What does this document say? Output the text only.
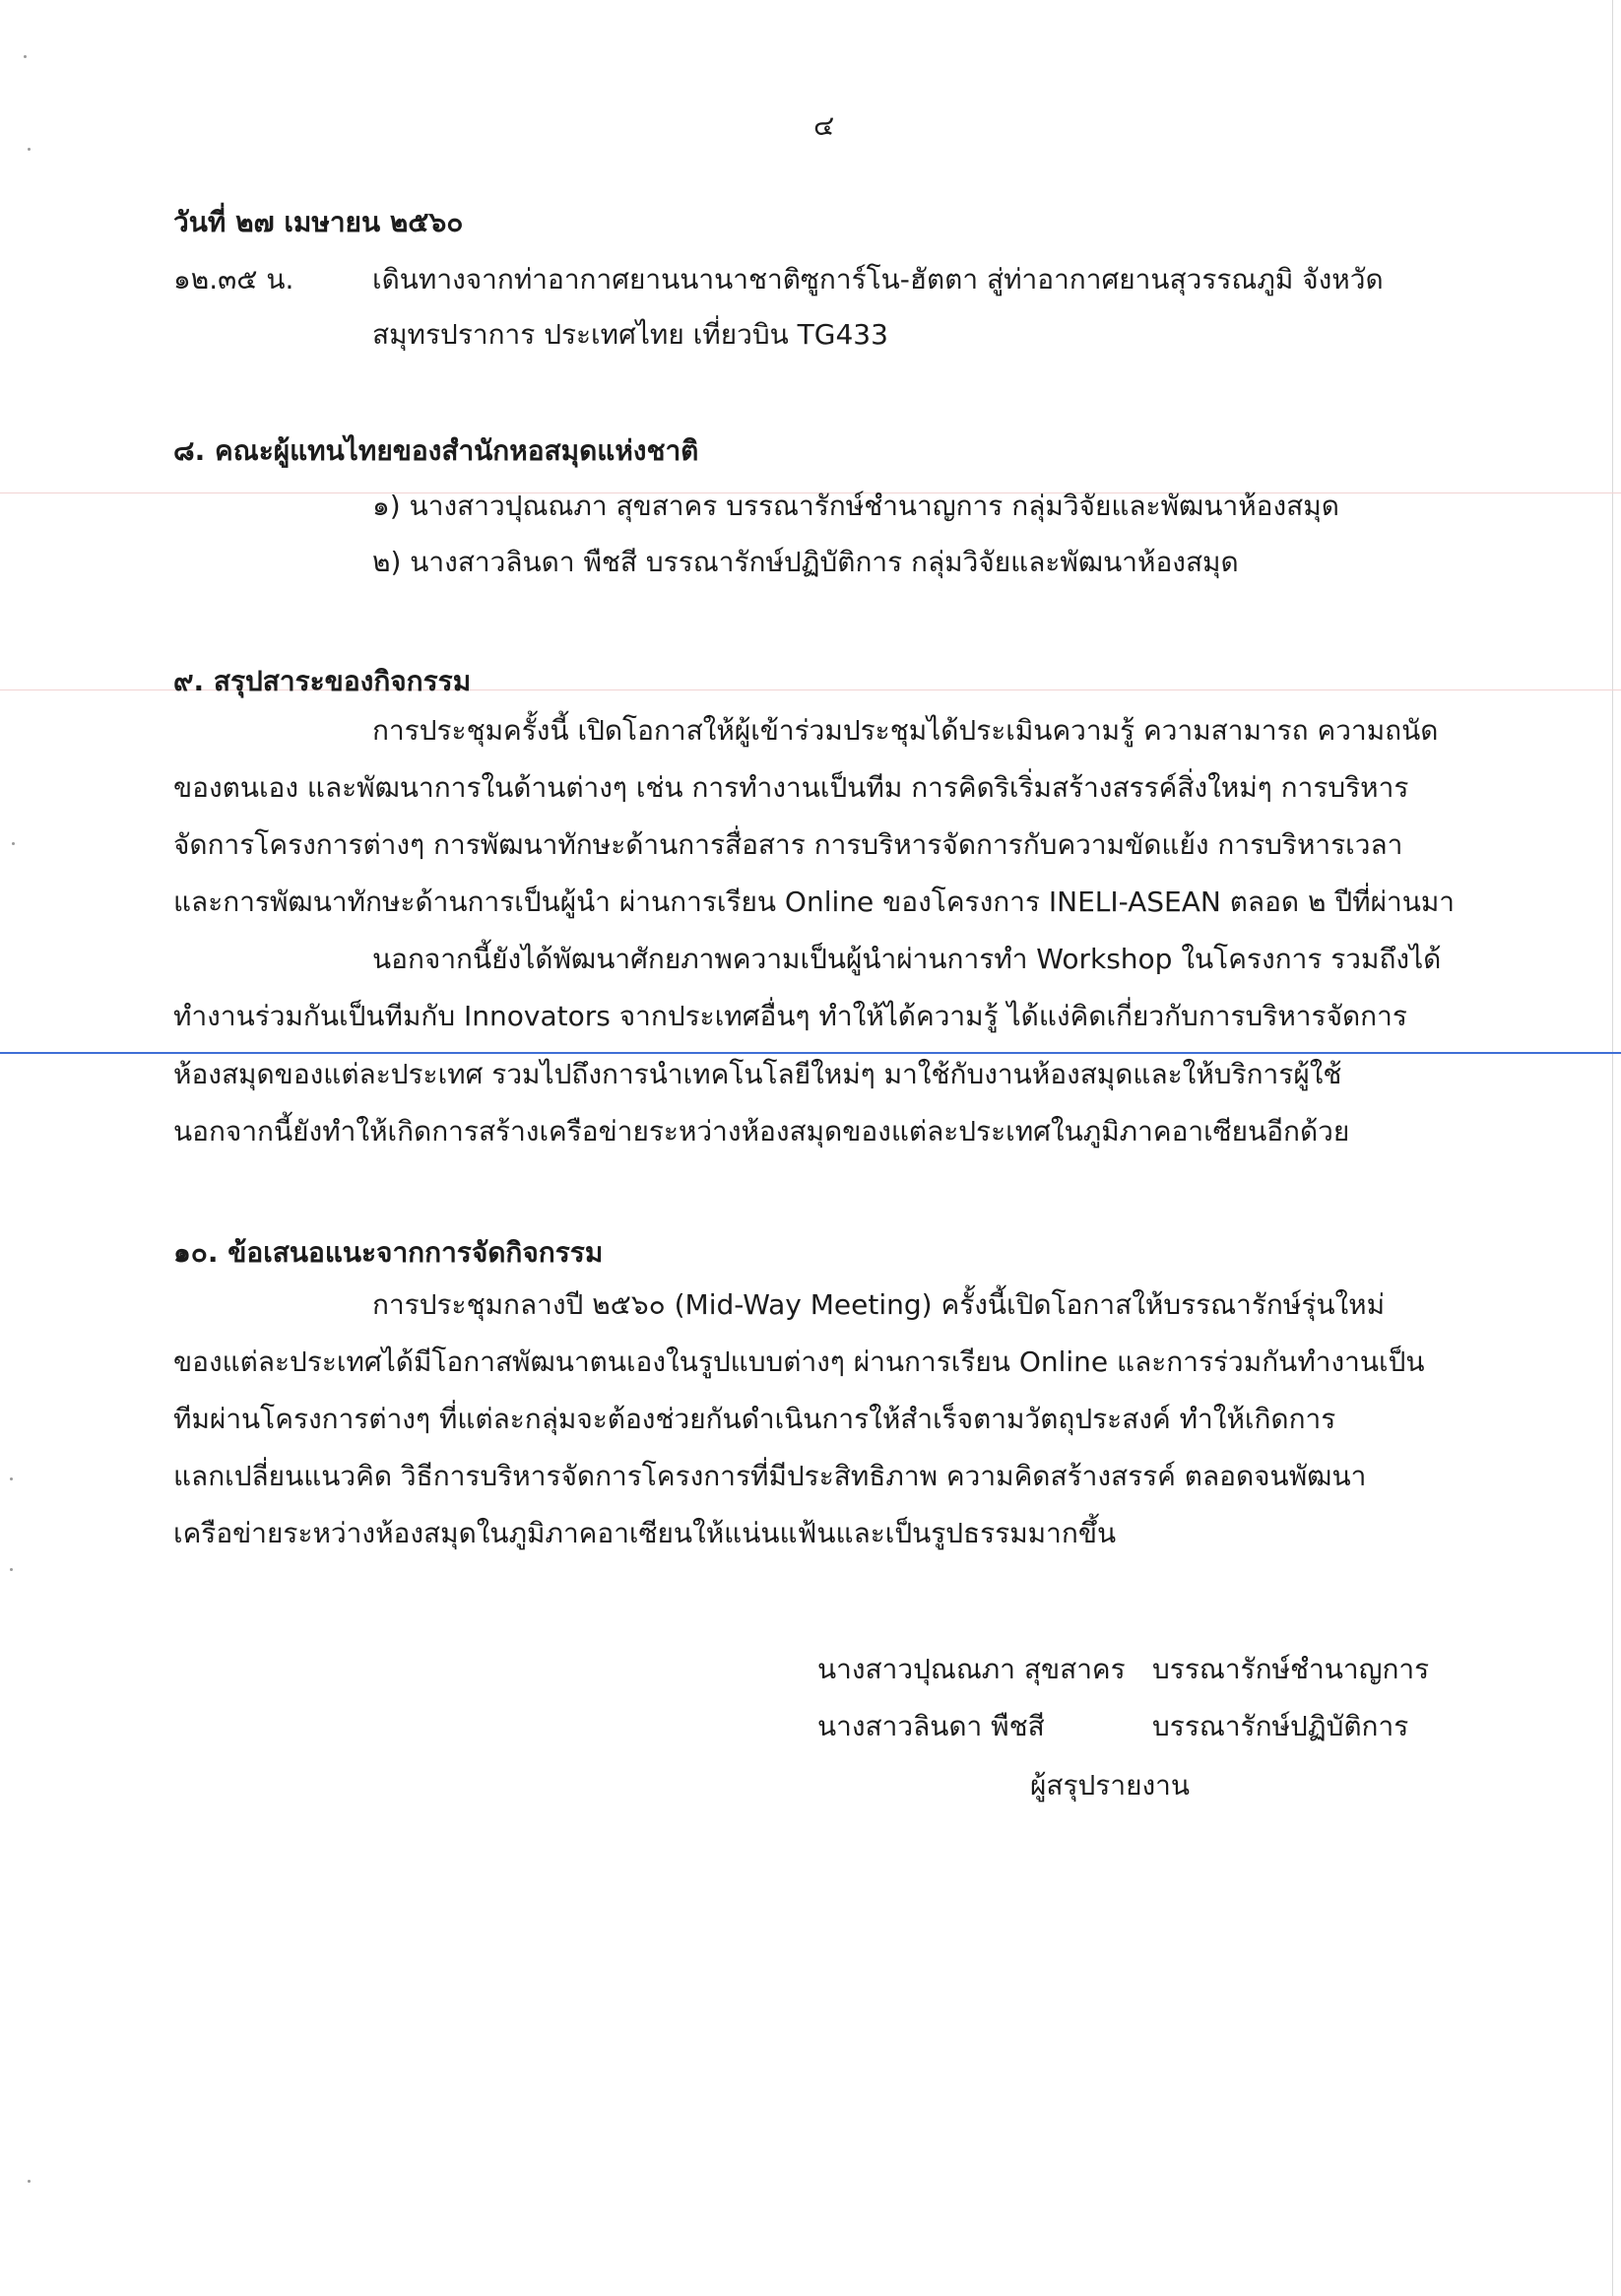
๔
วันที่ ๒๗ เมษายน ๒๕๖๐
๑๒.๓๕ น.	เดินทางจากท่าอากาศยานนานาชาติซูการ์โน-ฮัตตา สู่ท่าอากาศยานสุวรรณภูมิ จังหวัด
สมุทรปราการ ประเทศไทย เที่ยวบิน TG433
๘. คณะผู้แทนไทยของสำนักหอสมุดแห่งชาติ
๑) นางสาวปุณณภา สุขสาคร บรรณารักษ์ชำนาญการ กลุ่มวิจัยและพัฒนาห้องสมุด
๒) นางสาวลินดา พืชสี บรรณารักษ์ปฏิบัติการ กลุ่มวิจัยและพัฒนาห้องสมุด
๙. สรุปสาระของกิจกรรม
การประชุมครั้งนี้ เปิดโอกาสให้ผู้เข้าร่วมประชุมได้ประเมินความรู้ ความสามารถ ความถนัด
ของตนเอง และพัฒนาการในด้านต่างๆ เช่น การทำงานเป็นทีม การคิดริเริ่มสร้างสรรค์สิ่งใหม่ๆ การบริหาร
จัดการโครงการต่างๆ การพัฒนาทักษะด้านการสื่อสาร การบริหารจัดการกับความขัดแย้ง การบริหารเวลา
และการพัฒนาทักษะด้านการเป็นผู้นำ ผ่านการเรียน Online ของโครงการ INELI-ASEAN ตลอด ๒ ปีที่ผ่านมา
นอกจากนี้ยังได้พัฒนาศักยภาพความเป็นผู้นำผ่านการทำ Workshop ในโครงการ รวมถึงได้
ทำงานร่วมกันเป็นทีมกับ Innovators จากประเทศอื่นๆ ทำให้ได้ความรู้ ได้แง่คิดเกี่ยวกับการบริหารจัดการ
ห้องสมุดของแต่ละประเทศ รวมไปถึงการนำเทคโนโลยีใหม่ๆ มาใช้กับงานห้องสมุดและให้บริการผู้ใช้
นอกจากนี้ยังทำให้เกิดการสร้างเครือข่ายระหว่างห้องสมุดของแต่ละประเทศในภูมิภาคอาเซียนอีกด้วย
๑๐. ข้อเสนอแนะจากการจัดกิจกรรม
การประชุมกลางปี ๒๕๖๐ (Mid-Way Meeting) ครั้งนี้เปิดโอกาสให้บรรณารักษ์รุ่นใหม่
ของแต่ละประเทศได้มีโอกาสพัฒนาตนเองในรูปแบบต่างๆ ผ่านการเรียน Online และการร่วมกันทำงานเป็น
ทีมผ่านโครงการต่างๆ ที่แต่ละกลุ่มจะต้องช่วยกันดำเนินการให้สำเร็จตามวัตถุประสงค์ ทำให้เกิดการ
แลกเปลี่ยนแนวคิด วิธีการบริหารจัดการโครงการที่มีประสิทธิภาพ ความคิดสร้างสรรค์ ตลอดจนพัฒนา
เครือข่ายระหว่างห้องสมุดในภูมิภาคอาเซียนให้แน่นแฟ้นและเป็นรูปธรรมมากขึ้น
นางสาวปุณณภา สุขสาคร บรรณารักษ์ชำนาญการ
นางสาวลินดา พืชสี	บรรณารักษ์ปฏิบัติการ
ผู้สรุปรายงาน
